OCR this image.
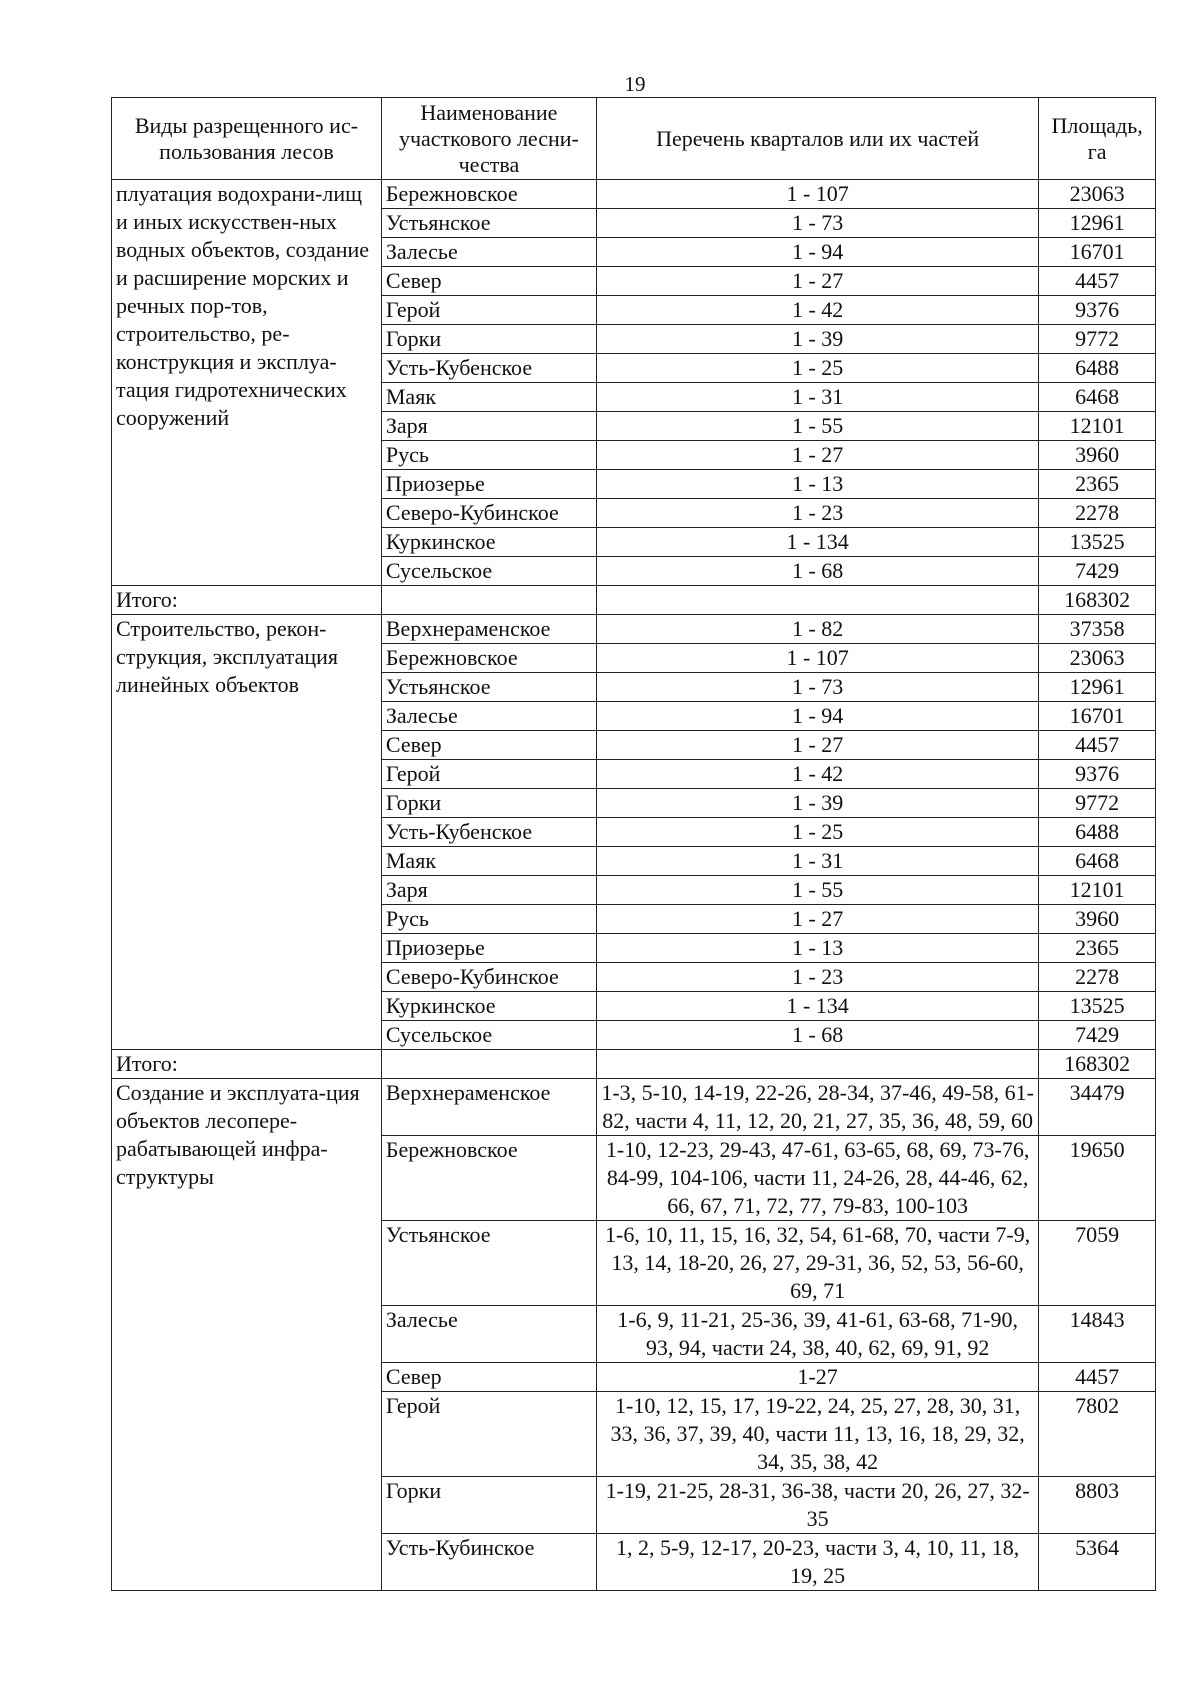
19
Виды разрещенного ис-пользования лесов	Наименование участкового лесни-чества	Перечень кварталов или их частей	Площадь, га
плуатация водохрани-лищ и иных искусствен-ных водных объектов, создание и расширение морских и речных пор-тов, строительство, ре-конструкция и эксплуа-тация гидротехнических сооружений	Бережновское	1 - 107	23063
	Устьянское	1 - 73	12961
	Залесье	1 - 94	16701
	Север	1 - 27	4457
	Герой	1 - 42	9376
	Горки	1 - 39	9772
	Усть-Кубенское	1 - 25	6488
	Маяк	1 - 31	6468
	Заря	1 - 55	12101
	Русь	1 - 27	3960
	Приозерье	1 - 13	2365
	Северо-Кубинское	1 - 23	2278
	Куркинское	1 - 134	13525
	Сусельское	1 - 68	7429
Итого:			168302
Строительство, рекон-струкция, эксплуатация линейных объектов	Верхнераменское	1 - 82	37358
	Бережновское	1 - 107	23063
	Устьянское	1 - 73	12961
	Залесье	1 - 94	16701
	Север	1 - 27	4457
	Герой	1 - 42	9376
	Горки	1 - 39	9772
	Усть-Кубенское	1 - 25	6488
	Маяк	1 - 31	6468
	Заря	1 - 55	12101
	Русь	1 - 27	3960
	Приозерье	1 - 13	2365
	Северо-Кубинское	1 - 23	2278
	Куркинское	1 - 134	13525
	Сусельское	1 - 68	7429
Итого:			168302
Создание и эксплуата-ция объектов лесопере-рабатывающей инфра-структуры	Верхнераменское	1-3, 5-10, 14-19, 22-26, 28-34, 37-46, 49-58, 61-82, части 4, 11, 12, 20, 21, 27, 35, 36, 48, 59, 60	34479
	Бережновское	1-10, 12-23, 29-43, 47-61, 63-65, 68, 69, 73-76, 84-99, 104-106, части 11, 24-26, 28, 44-46, 62, 66, 67, 71, 72, 77, 79-83, 100-103	19650
	Устьянское	1-6, 10, 11, 15, 16, 32, 54, 61-68, 70, части 7-9, 13, 14, 18-20, 26, 27, 29-31, 36, 52, 53, 56-60, 69, 71	7059
	Залесье	1-6, 9, 11-21, 25-36, 39, 41-61, 63-68, 71-90, 93, 94, части 24, 38, 40, 62, 69, 91, 92	14843
	Север	1-27	4457
	Герой	1-10, 12, 15, 17, 19-22, 24, 25, 27, 28, 30, 31, 33, 36, 37, 39, 40, части 11, 13, 16, 18, 29, 32, 34, 35, 38, 42	7802
	Горки	1-19, 21-25, 28-31, 36-38, части 20, 26, 27, 32-35	8803
	Усть-Кубинское	1, 2, 5-9, 12-17, 20-23, части 3, 4, 10, 11, 18, 19, 25	5364
